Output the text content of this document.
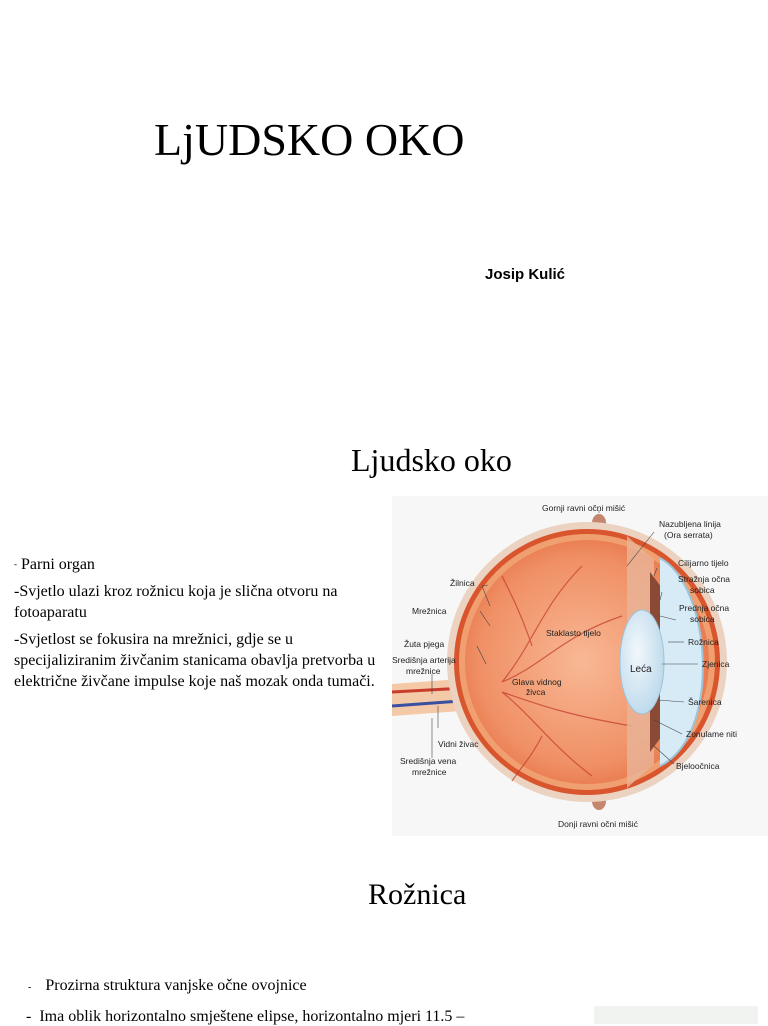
LjUDSKO OKO
Josip Kulić
Ljudsko oko
- Parni organ
-Svjetlo ulazi kroz rožnicu koja je slična otvoru na fotoaparatu
-Svjetlost se fokusira na mrežnici, gdje se u specijaliziranim živčanim stanicama obavlja pretvorba u električne živčane impulse koje naš mozak onda tumači.
Gornji ravni očni mišić
Nazubljena linija
(Ora serrata)
Cilijarno tijelo
Stražnja očna
sobica
Prednja očna
sobica
Rožnica
Zjenica
Šarenica
Zonulame niti
Bjeloočnica
Donji ravni očni mišić
Žilnica
Mrežnica
Žuta pjega
Središnja arterija
mrežnice
Vidni živac
Središnja vena
mrežnice
Staklasto tijelo
Glava vidnog
živca
Leća
Rožnica
- Prozirna struktura vanjske očne ovojnice
- Ima oblik horizontalno smještene elipse, horizontalno mjeri 11.5 –
